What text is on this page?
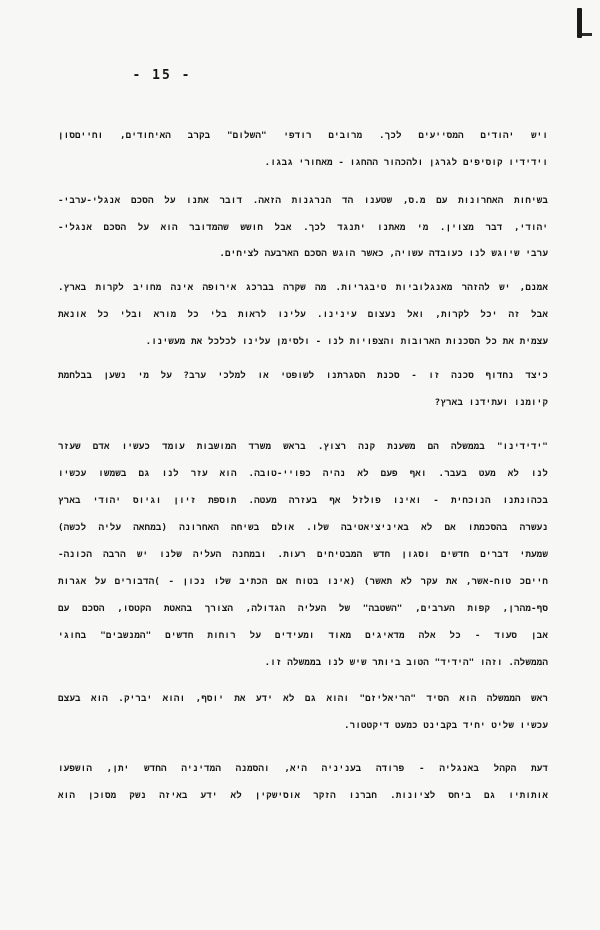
- 15 -
ויש יהודים המסייעים לכך. מרובים רודפי "השלום" בקרב האיחודים, וחייםסון
וידידיו קוסיפים לגרגן ולהכהור ההחגו - מאחורי גבגו.
בשיחות האחרונות עם מ.ס, שטענו הד הנרגנות הזאה. דובר אתנו על הסכם אנגלי-ערבי-
יהודי, דבר מצוין. מי מאתנו יתנגד לכך. אבל חושש שהמדובר הוא על הסכם אנגלי-
ערבי שיוגש לנו כעובדה עשויה, כאשר הוגש הסכם הארבעה לציחים.
אמנם, יש להזהר מאנגלוביות טיבגריות. מה שקרה בברכג אירופה אינה מחויב לקרות בארץ.
אבל זה יכל לקרות, ואל נעצום עינינו. עלינו לראות בלי כל מורא ובלי כל אונאת
עצמית את כל הסכנות הארובות והצפויות לנו - ולסימן עלינו לכלכל את מעשינו.
כיצד נחדוף סכנה זו - סכנת הסגרתנו לשופטי או למלכי ערב? על מי נשען בבלחמת
קיומנו ועתידנו בארץ?
"ידידינו" בממשלה הם משענת קנה רצוץ. בראש משרד המושבות עומד כעשיו אדם שעזר
לנו לא מעט בעבר. ואף פעם לא נהיה כפויי-טובה. הוא עזר לנו גם בשמשו עכשיו
בכהונתנו הנוכחית - ואינו פולזל אף בעזרה מעטה. תוספת זיון וגיוס יהודי בארץ
נעשרה בהסכמתו אם לא באיניציאטיבה שלו. אולם בשיחה האחרונה (במחאה עליה לכשה)
שמעתי דברים חדשים וסגון חדש המבטיחים רעות. ובמחנה העליה שלנו יש הרבה הכונה-
חייםכ טוח-אשר, את עקר לא תאשר) (אינו בטוח אם הכתיב שלו נכון - )הדבורים על אגרות
סף-מהרן, קפות הערבים, "השטבה" של העליה הגדולה, הצורך בהאטת הקטסו, הסכם עם
אבן סעוד - כל אלה מדאיגים מאוד ומעידים על רוחות חדשים "המנשבים" בחוגי
הממשלה. וזהו "הידיד" הטוב ביותר שיש לנו בממשלה זו.
ראש הממשלה הוא הסיד "הריאליזם" והוא גם לא ידע את יוסף, והוא יבריק. הוא בעצם
עכשיו שליט יחיד בקבינט כמעט דיקטטור.
דעת הקהל באנגליה - פרודה בעניניה היא, והסמנה המדיניה החדש יתן, הושפעו
אותותיו גם ביחס לציונות. חברנו הזקר אוסישקין לא ידע באיזה נשק מסוכן הוא
